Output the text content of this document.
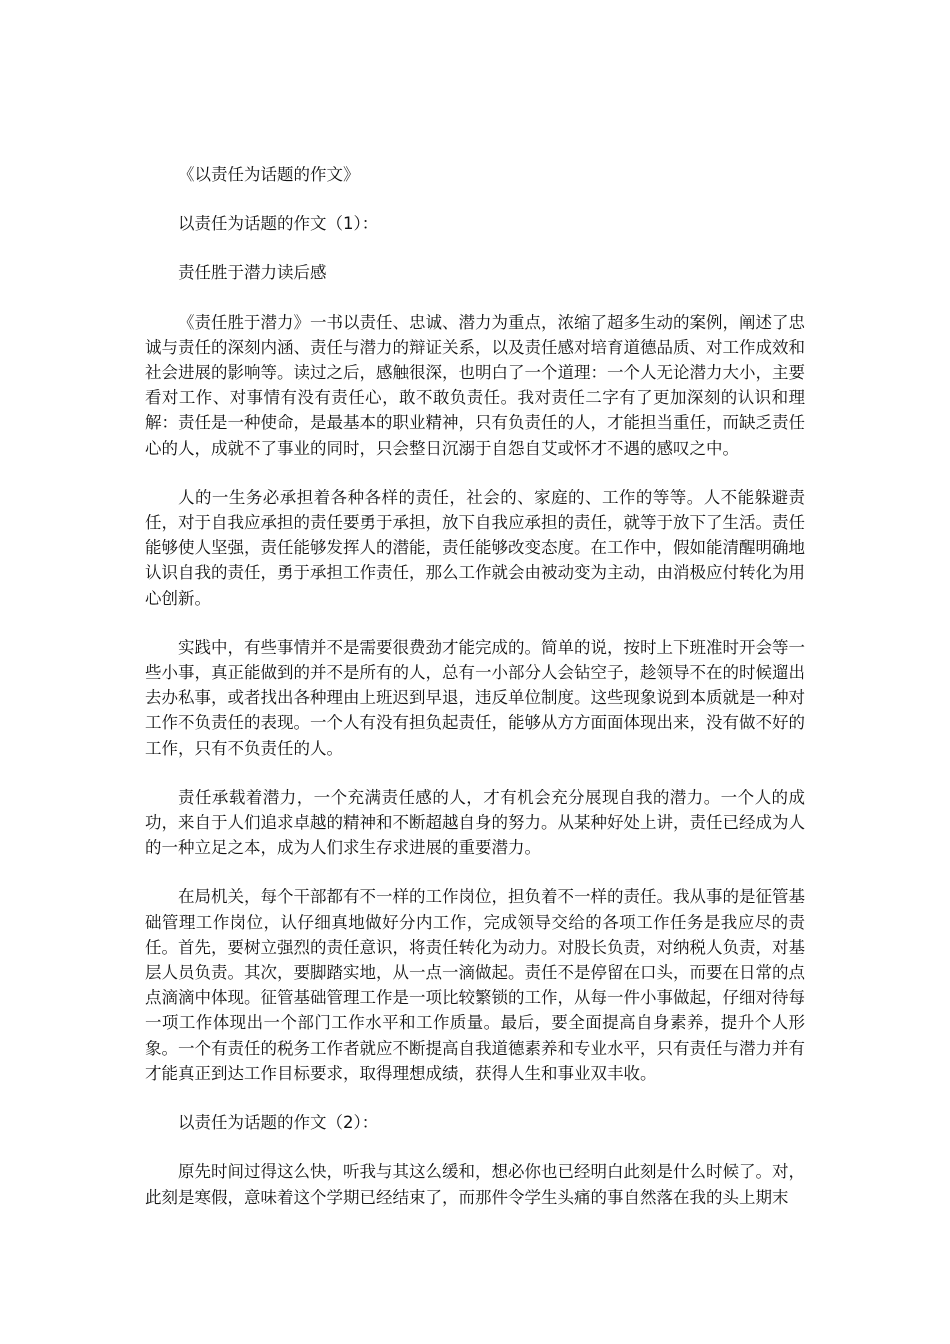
《以责任为话题的作文》

以责任为话题的作文（1）：

责任胜于潜力读后感

《责任胜于潜力》一书以责任、忠诚、潜力为重点，浓缩了超多生动的案例，阐述了忠诚与责任的深刻内涵、责任与潜力的辩证关系，以及责任感对培育道德品质、对工作成效和社会进展的影响等。读过之后，感触很深，也明白了一个道理：一个人无论潜力大小，主要看对工作、对事情有没有责任心，敢不敢负责任。我对责任二字有了更加深刻的认识和理解：责任是一种使命，是最基本的职业精神，只有负责任的人，才能担当重任，而缺乏责任心的人，成就不了事业的同时，只会整日沉溺于自怨自艾或怀才不遇的感叹之中。

人的一生务必承担着各种各样的责任，社会的、家庭的、工作的等等。人不能躲避责任，对于自我应承担的责任要勇于承担，放下自我应承担的责任，就等于放下了生活。责任能够使人坚强，责任能够发挥人的潜能，责任能够改变态度。在工作中，假如能清醒明确地认识自我的责任，勇于承担工作责任，那么工作就会由被动变为主动，由消极应付转化为用心创新。

实践中，有些事情并不是需要很费劲才能完成的。简单的说，按时上下班准时开会等一些小事，真正能做到的并不是所有的人，总有一小部分人会钻空子，趁领导不在的时候遛出去办私事，或者找出各种理由上班迟到早退，违反单位制度。这些现象说到本质就是一种对工作不负责任的表现。一个人有没有担负起责任，能够从方方面面体现出来，没有做不好的工作，只有不负责任的人。

责任承载着潜力，一个充满责任感的人，才有机会充分展现自我的潜力。一个人的成功，来自于人们追求卓越的精神和不断超越自身的努力。从某种好处上讲，责任已经成为人的一种立足之本，成为人们求生存求进展的重要潜力。

在局机关，每个干部都有不一样的工作岗位，担负着不一样的责任。我从事的是征管基础管理工作岗位，认仔细真地做好分内工作，完成领导交给的各项工作任务是我应尽的责任。首先，要树立强烈的责任意识，将责任转化为动力。对股长负责，对纳税人负责，对基层人员负责。其次，要脚踏实地，从一点一滴做起。责任不是停留在口头，而要在日常的点点滴滴中体现。征管基础管理工作是一项比较繁锁的工作，从每一件小事做起，仔细对待每一项工作体现出一个部门工作水平和工作质量。最后，要全面提高自身素养，提升个人形象。一个有责任的税务工作者就应不断提高自我道德素养和专业水平，只有责任与潜力并有才能真正到达工作目标要求，取得理想成绩，获得人生和事业双丰收。

以责任为话题的作文（2）：

原先时间过得这么快，听我与其这么缓和，想必你也已经明白此刻是什么时候了。对，此刻是寒假，意味着这个学期已经结束了，而那件令学生头痛的事自然落在我的头上期末
